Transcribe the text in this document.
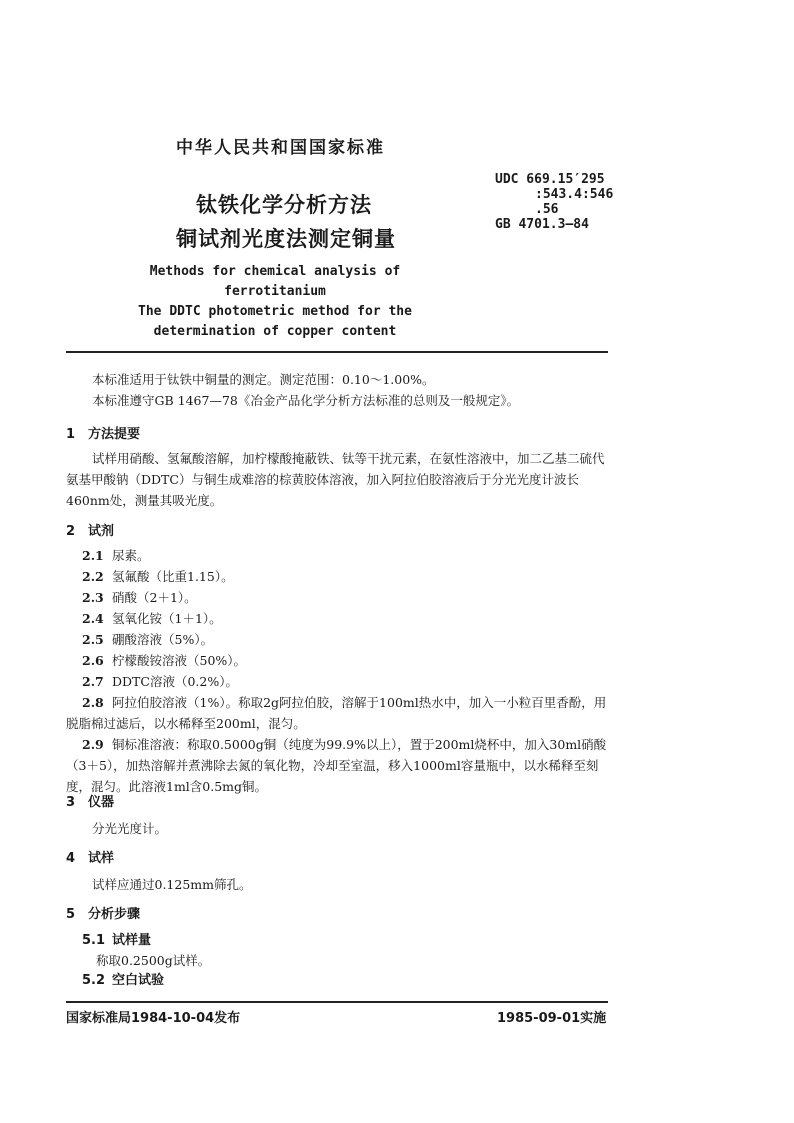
中华人民共和国国家标准
钛铁化学分析方法
铜试剂光度法测定铜量
UDC 669.15′295
:543.4:546
.56
GB 4701.3—84
Methods for chemical analysis of ferrotitanium
The DDTC photometric method for the
determination of copper content
本标准适用于钛铁中铜量的测定。测定范围：0.10～1.00%。
本标准遵守GB 1467—78《冶金产品化学分析方法标准的总则及一般规定》。
1 方法提要
试样用硝酸、氢氟酸溶解，加柠檬酸掩蔽铁、钛等干扰元素，在氨性溶液中，加二乙基二硫代氨基甲酸钠（DDTC）与铜生成难溶的棕黄胶体溶液，加入阿拉伯胶溶液后于分光光度计波长460nm处，测量其吸光度。
2 试剂
2.1 尿素。
2.2 氢氟酸（比重1.15）。
2.3 硝酸（2＋1）。
2.4 氢氧化铵（1＋1）。
2.5 硼酸溶液（5%）。
2.6 柠檬酸铵溶液（50%）。
2.7 DDTC溶液（0.2%）。
2.8 阿拉伯胶溶液（1%）。称取2g阿拉伯胶，溶解于100ml热水中，加入一小粒百里香酚，用脱脂棉过滤后，以水稀释至200ml，混匀。
2.9 铜标准溶液：称取0.5000g铜（纯度为99.9%以上），置于200ml烧杯中，加入30ml硝酸（3＋5），加热溶解并煮沸除去氮的氧化物，冷却至室温，移入1000ml容量瓶中，以水稀释至刻度，混匀。此溶液1ml含0.5mg铜。
3 仪器
分光光度计。
4 试样
试样应通过0.125mm筛孔。
5 分析步骤
5.1 试样量
称取0.2500g试样。
5.2 空白试验
国家标准局1984-10-04发布	1985-09-01实施
